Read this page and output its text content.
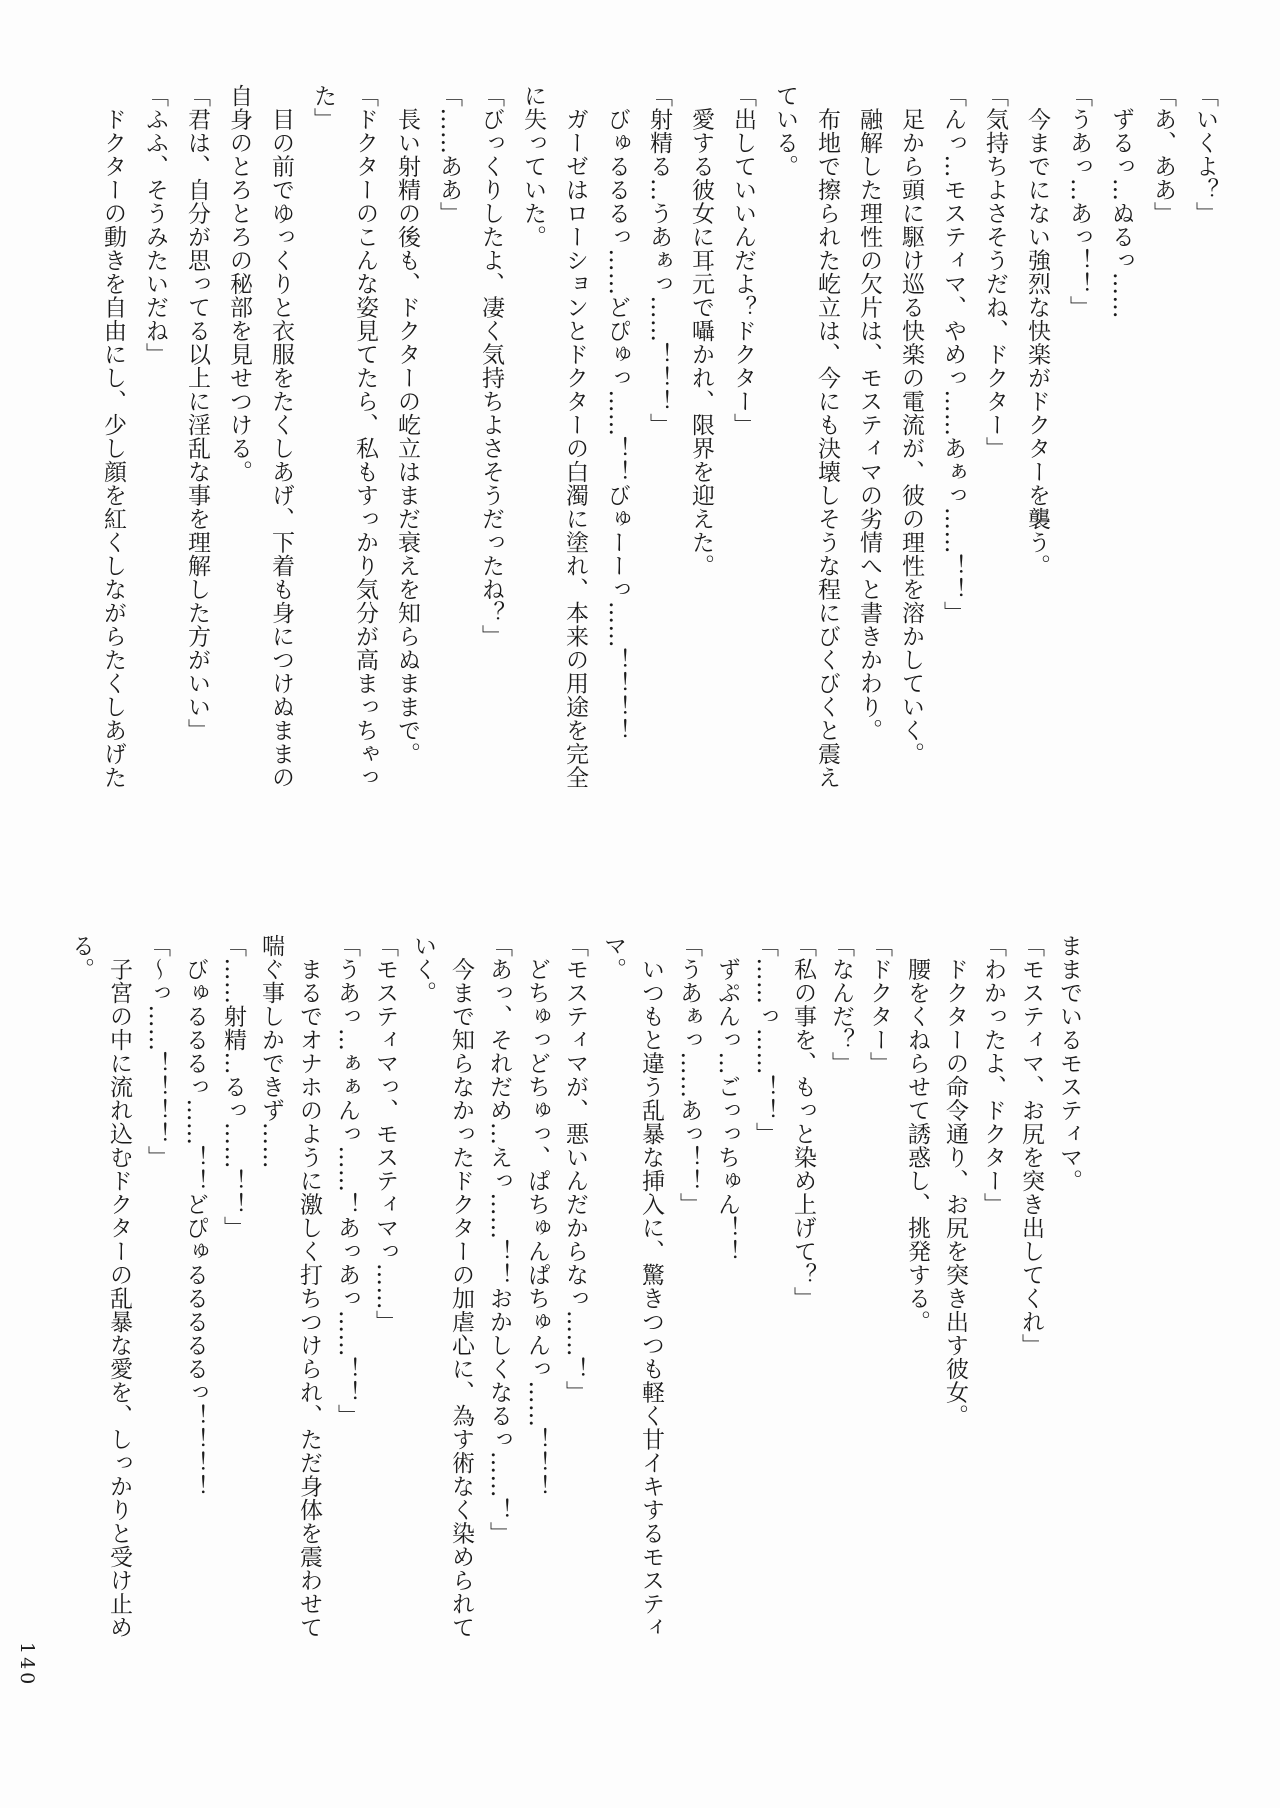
「いくよ？」
「あ、ああ」
　ずるっ…ぬるっ……
「うあっ…あっ！！」
　今までにない強烈な快楽がドクターを襲う。
「気持ちよさそうだね、ドクター」
「んっ…モスティマ、やめっ……あぁっ……！！」
　足から頭に駆け巡る快楽の電流が、彼の理性を溶かしていく。
　融解した理性の欠片は、モスティマの劣情へと書きかわり。
　布地で擦られた屹立は、今にも決壊しそうな程にびくびくと震え
ている。
「出していいんだよ？ドクター」
　愛する彼女に耳元で囁かれ、限界を迎えた。
「射精る…うあぁっ……！！！」
　びゅるるるっ……どぴゅっ……！！びゅーーっ……！！！！
　ガーゼはローションとドクターの白濁に塗れ、本来の用途を完全
に失っていた。
「びっくりしたよ、凄く気持ちよさそうだったね？」
「……ああ」
　長い射精の後も、ドクターの屹立はまだ衰えを知らぬままで。
「ドクターのこんな姿見てたら、私もすっかり気分が高まっちゃっ
た」
　目の前でゆっくりと衣服をたくしあげ、下着も身につけぬままの
自身のとろとろの秘部を見せつける。
「君は、自分が思ってる以上に淫乱な事を理解した方がいい」
「ふふ、そうみたいだね」
　ドクターの動きを自由にし、少し顔を紅くしながらたくしあげた
ままでいるモスティマ。
「モスティマ、お尻を突き出してくれ」
「わかったよ、ドクター」
　ドクターの命令通り、お尻を突き出す彼女。
　腰をくねらせて誘惑し、挑発する。
「ドクター」
「なんだ？」
「私の事を、もっと染め上げて？」
「……っ……！！」
　ずぷんっ…ごっっちゅん！！
「うあぁっ……あっ！！」
　いつもと違う乱暴な挿入に、驚きつつも軽く甘イキするモスティ
マ。
「モスティマが、悪いんだからなっ……！」
　どちゅっどちゅっ、ぱちゅんぱちゅんっ……！！！
「あっ、それだめ…えっ……！！おかしくなるっ……！」
　今まで知らなかったドクターの加虐心に、為す術なく染められて
いく。
「モスティマっ、モスティマっ……」
「うあっ…ぁぁんっ……！あっあっ……！！」
　まるでオナホのように激しく打ちつけられ、ただ身体を震わせて
喘ぐ事しかできず……
「……射精…るっ……！！」
　びゅるるるっ……！！どぴゅるるるるるっ！！！！
「〜っ……！！！！」
　子宮の中に流れ込むドクターの乱暴な愛を、しっかりと受け止め
る。
140
